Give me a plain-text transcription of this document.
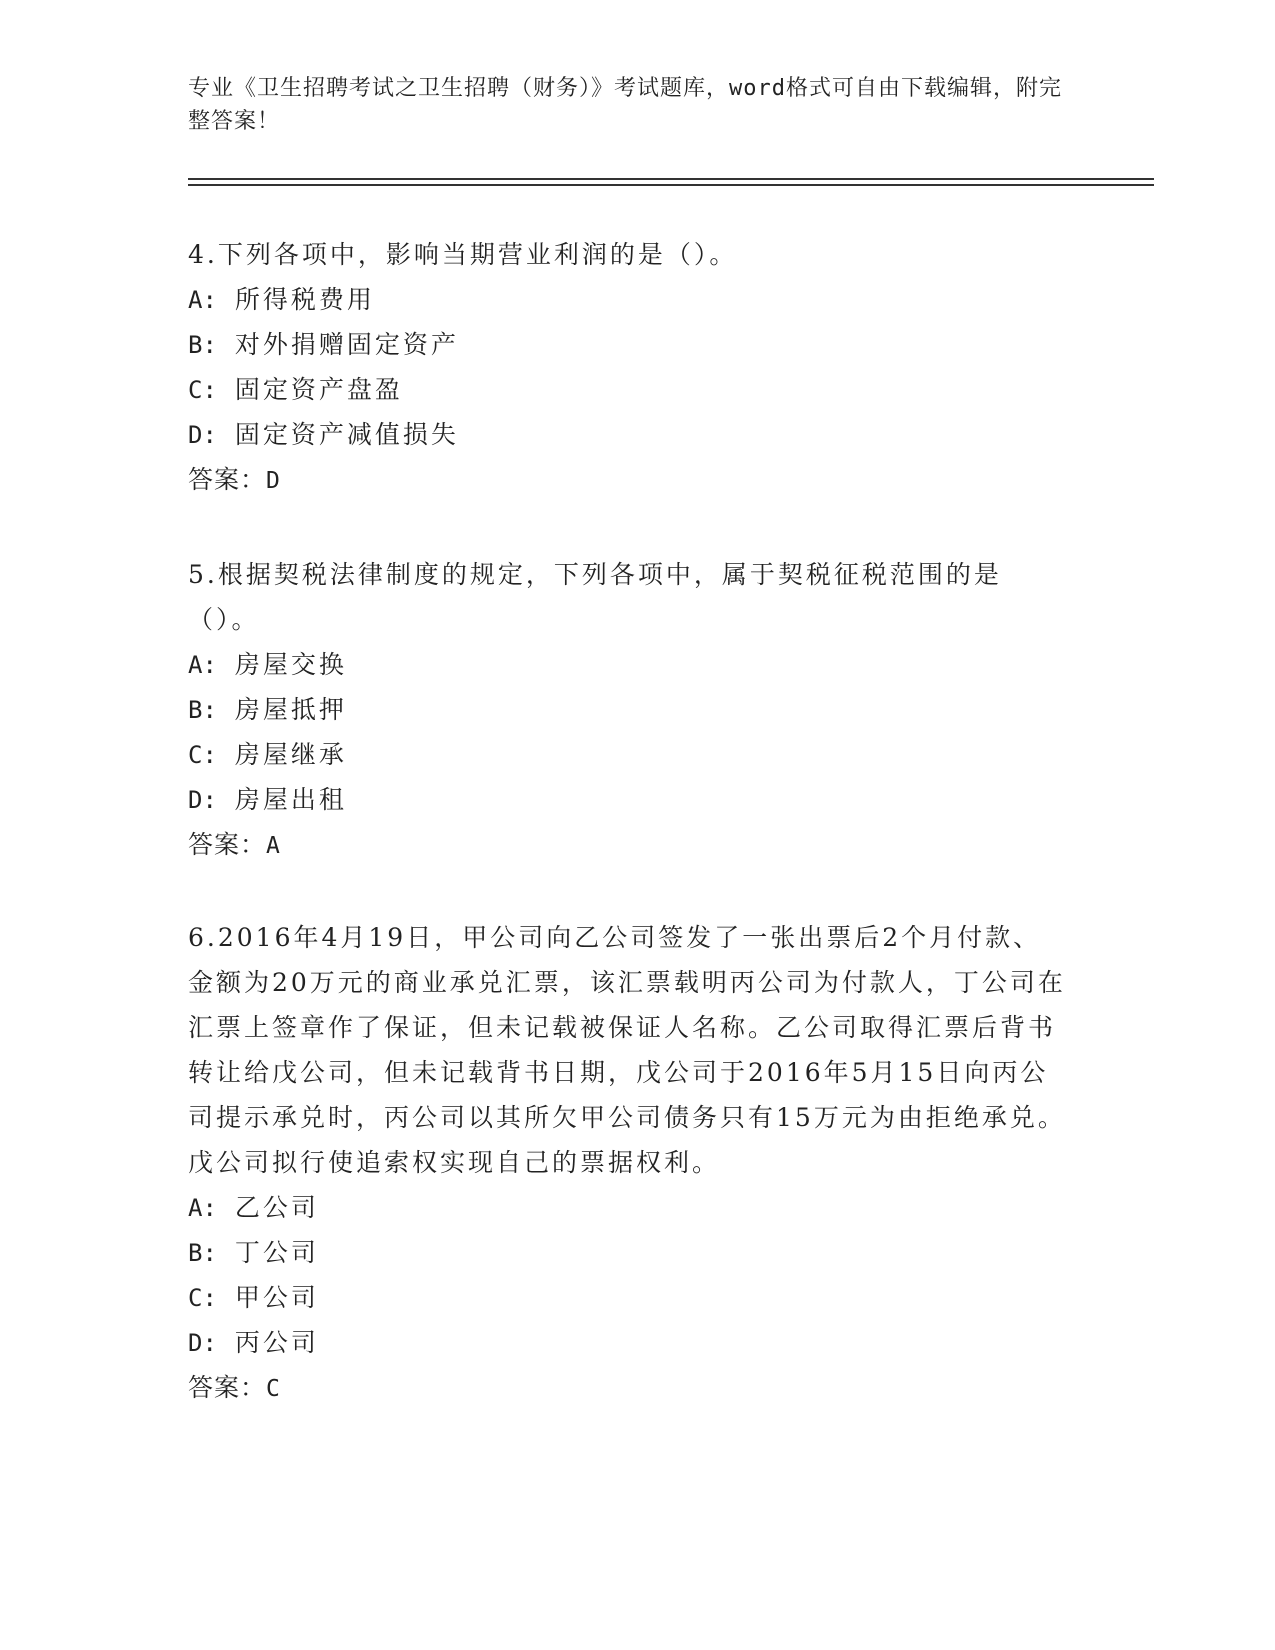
专业《卫生招聘考试之卫生招聘（财务）》考试题库，word格式可自由下载编辑，附完整答案！
4.下列各项中，影响当期营业利润的是（）。
A: 所得税费用
B: 对外捐赠固定资产
C: 固定资产盘盈
D: 固定资产减值损失
答案：D
5.根据契税法律制度的规定，下列各项中，属于契税征税范围的是（）。
A: 房屋交换
B: 房屋抵押
C: 房屋继承
D: 房屋出租
答案：A
6.2016年4月19日，甲公司向乙公司签发了一张出票后2个月付款、金额为20万元的商业承兑汇票，该汇票载明丙公司为付款人，丁公司在汇票上签章作了保证，但未记载被保证人名称。乙公司取得汇票后背书转让给戊公司，但未记载背书日期，戊公司于2016年5月15日向丙公司提示承兑时，丙公司以其所欠甲公司债务只有15万元为由拒绝承兑。戊公司拟行使追索权实现自己的票据权利。
A: 乙公司
B: 丁公司
C: 甲公司
D: 丙公司
答案：C
